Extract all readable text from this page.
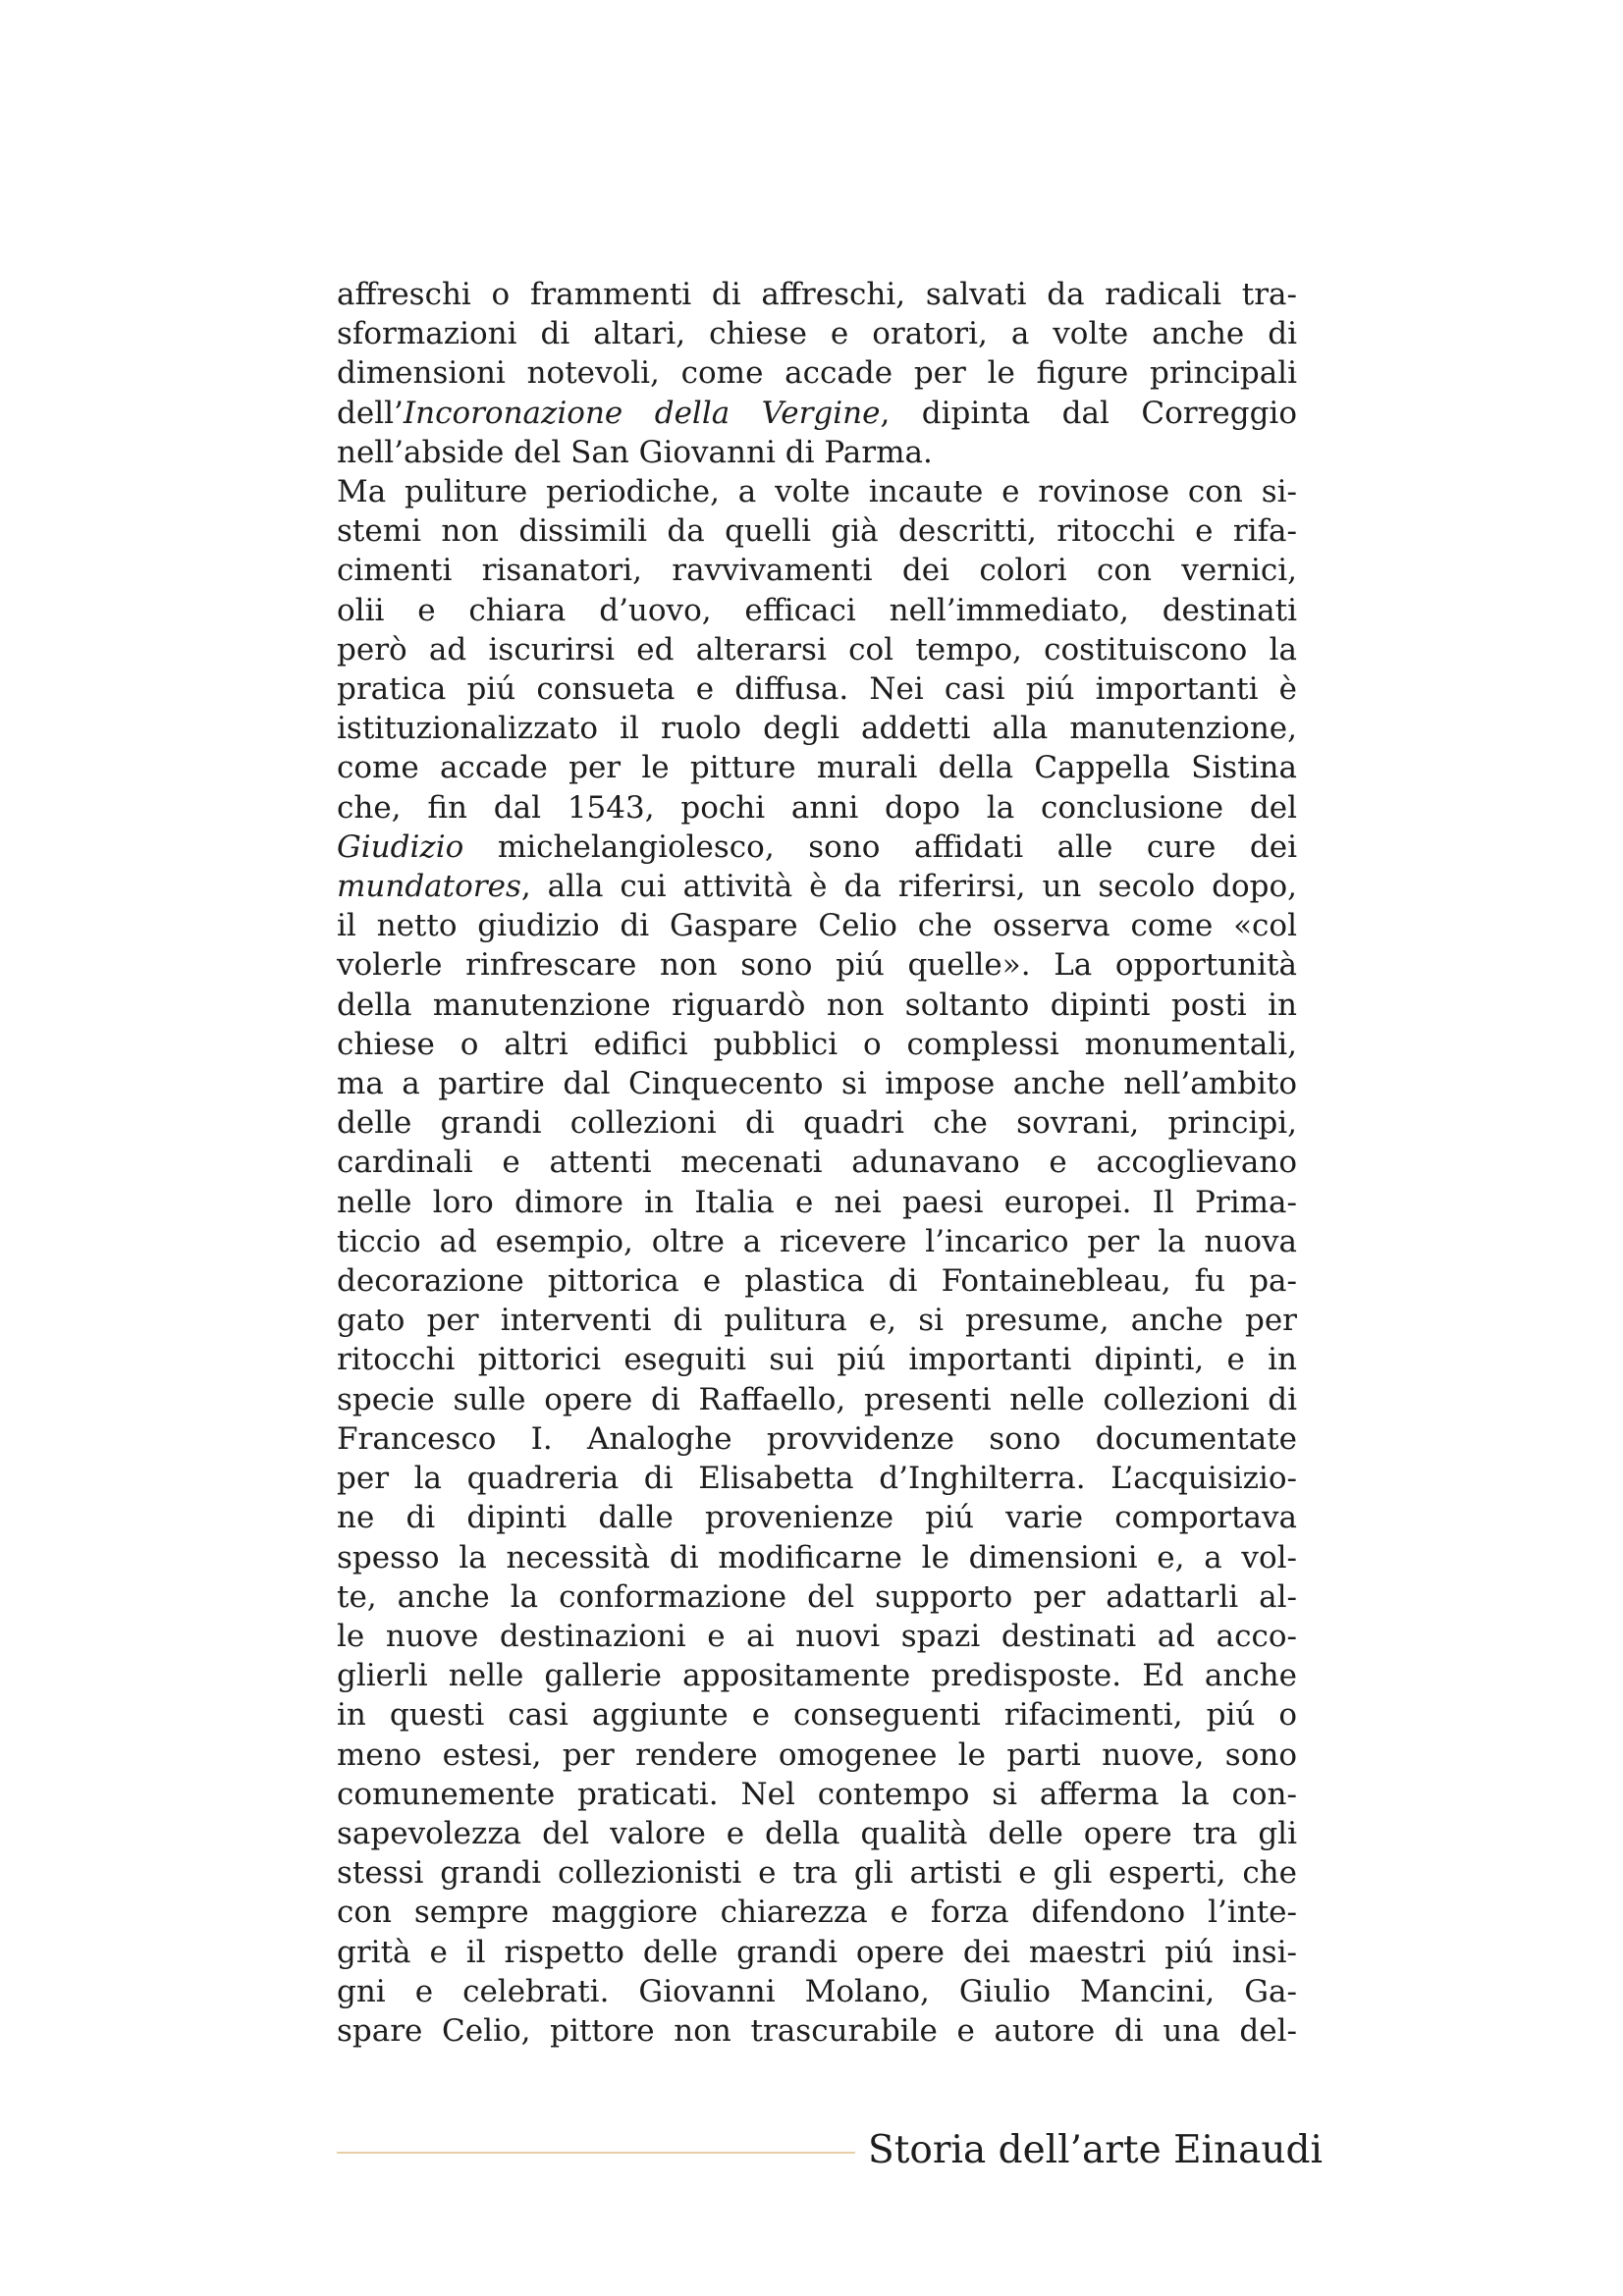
affreschi o frammenti di affreschi, salvati da radicali tra-
sformazioni di altari, chiese e oratori, a volte anche di
dimensioni notevoli, come accade per le figure principali
dell’Incoronazione della Vergine, dipinta dal Correggio
nell’abside del San Giovanni di Parma.
Ma puliture periodiche, a volte incaute e rovinose con si-
stemi non dissimili da quelli già descritti, ritocchi e rifa-
cimenti risanatori, ravvivamenti dei colori con vernici,
olii e chiara d’uovo, efficaci nell’immediato, destinati
però ad iscurirsi ed alterarsi col tempo, costituiscono la
pratica piú consueta e diffusa. Nei casi piú importanti è
istituzionalizzato il ruolo degli addetti alla manutenzione,
come accade per le pitture murali della Cappella Sistina
che, fin dal 1543, pochi anni dopo la conclusione del
Giudizio michelangiolesco, sono affidati alle cure dei
mundatores, alla cui attività è da riferirsi, un secolo dopo,
il netto giudizio di Gaspare Celio che osserva come «col
volerle rinfrescare non sono piú quelle». La opportunità
della manutenzione riguardò non soltanto dipinti posti in
chiese o altri edifici pubblici o complessi monumentali,
ma a partire dal Cinquecento si impose anche nell’ambito
delle grandi collezioni di quadri che sovrani, principi,
cardinali e attenti mecenati adunavano e accoglievano
nelle loro dimore in Italia e nei paesi europei. Il Prima-
ticcio ad esempio, oltre a ricevere l’incarico per la nuova
decorazione pittorica e plastica di Fontainebleau, fu pa-
gato per interventi di pulitura e, si presume, anche per
ritocchi pittorici eseguiti sui piú importanti dipinti, e in
specie sulle opere di Raffaello, presenti nelle collezioni di
Francesco I. Analoghe provvidenze sono documentate
per la quadreria di Elisabetta d’Inghilterra. L’acquisizio-
ne di dipinti dalle provenienze piú varie comportava
spesso la necessità di modificarne le dimensioni e, a vol-
te, anche la conformazione del supporto per adattarli al-
le nuove destinazioni e ai nuovi spazi destinati ad acco-
glierli nelle gallerie appositamente predisposte. Ed anche
in questi casi aggiunte e conseguenti rifacimenti, piú o
meno estesi, per rendere omogenee le parti nuove, sono
comunemente praticati. Nel contempo si afferma la con-
sapevolezza del valore e della qualità delle opere tra gli
stessi grandi collezionisti e tra gli artisti e gli esperti, che
con sempre maggiore chiarezza e forza difendono l’inte-
grità e il rispetto delle grandi opere dei maestri piú insi-
gni e celebrati. Giovanni Molano, Giulio Mancini, Ga-
spare Celio, pittore non trascurabile e autore di una del-
Storia dell’arte Einaudi
